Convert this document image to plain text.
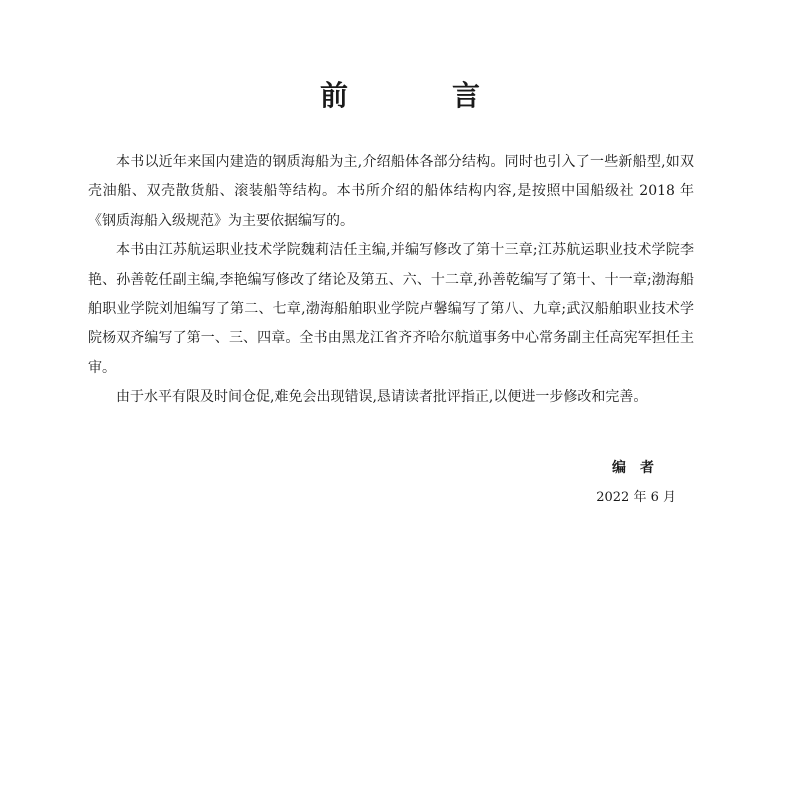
前　言

本书以近年来国内建造的钢质海船为主,介绍船体各部分结构。同时也引入了一些新船型,如双壳油船、双壳散货船、滚装船等结构。本书所介绍的船体结构内容,是按照中国船级社 2018 年《钢质海船入级规范》为主要依据编写的。

本书由江苏航运职业技术学院魏莉洁任主编,并编写修改了第十三章;江苏航运职业技术学院李艳、孙善乾任副主编,李艳编写修改了绪论及第五、六、十二章,孙善乾编写了第十、十一章;渤海船舶职业学院刘旭编写了第二、七章,渤海船舶职业学院卢馨编写了第八、九章;武汉船舶职业技术学院杨双齐编写了第一、三、四章。全书由黑龙江省齐齐哈尔航道事务中心常务副主任高宪军担任主审。

由于水平有限及时间仓促,难免会出现错误,恳请读者批评指正,以便进一步修改和完善。

编者
2022 年 6 月
